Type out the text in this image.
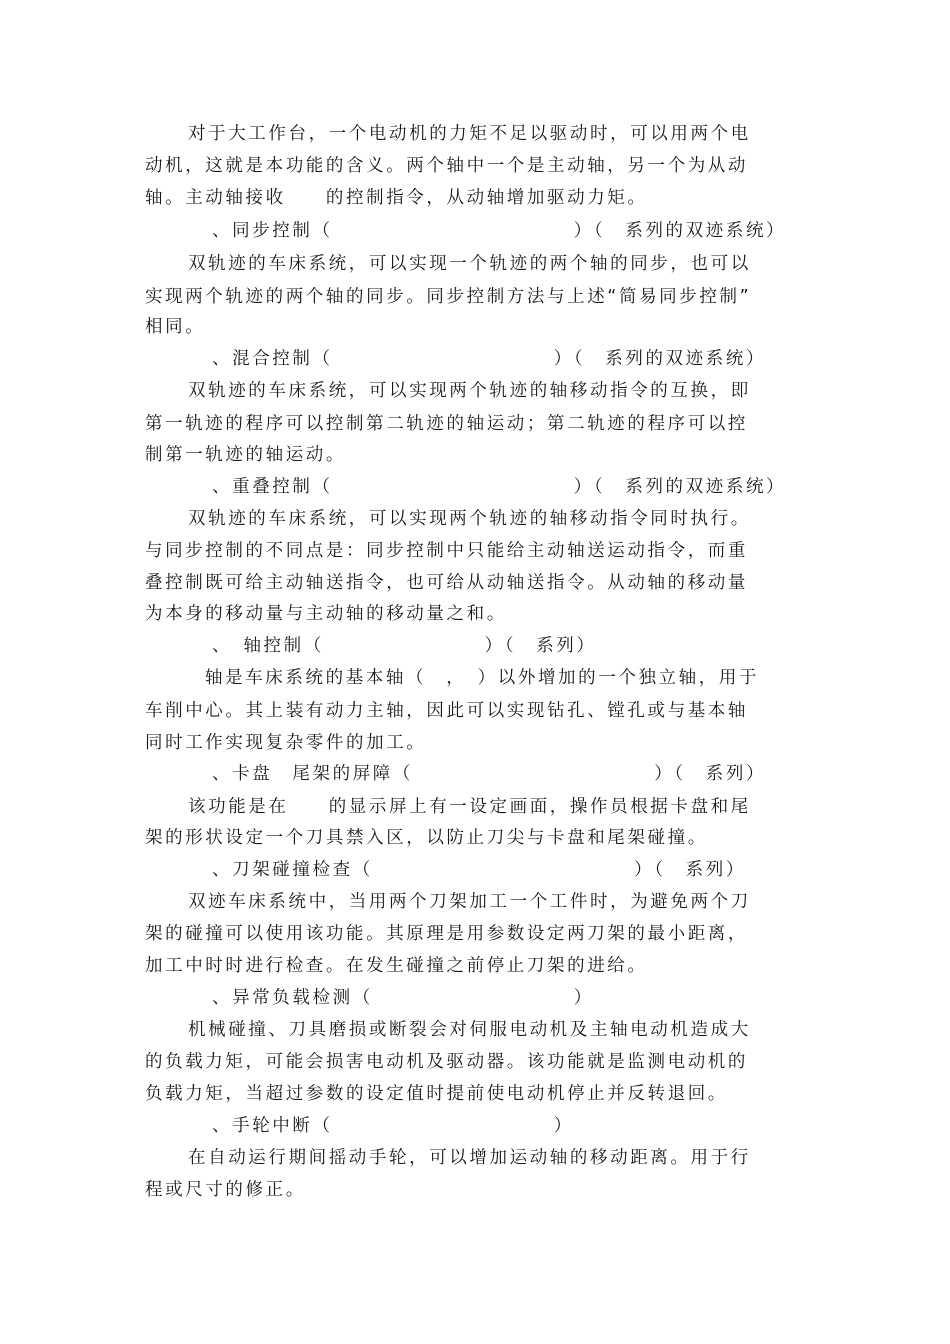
对于大工作台，一个电动机的力矩不足以驱动时，可以用两个电
动机，这就是本功能的含义。两个轴中一个是主动轴，另一个为从动
轴。主动轴接收　　的控制指令，从动轴增加驱动力矩。
、同步控制（　　　　　　　　　　　　）（　系列的双迹系统）
双轨迹的车床系统，可以实现一个轨迹的两个轴的同步，也可以
实现两个轨迹的两个轴的同步。同步控制方法与上述“简易同步控制”
相同。
、混合控制（　　　　　　　　　　　）（　系列的双迹系统）
双轨迹的车床系统，可以实现两个轨迹的轴移动指令的互换，即
第一轨迹的程序可以控制第二轨迹的轴运动；第二轨迹的程序可以控
制第一轨迹的轴运动。
、重叠控制（　　　　　　　　　　　　）（　系列的双迹系统）
双轨迹的车床系统，可以实现两个轨迹的轴移动指令同时执行。
与同步控制的不同点是：同步控制中只能给主动轴送运动指令，而重
叠控制既可给主动轴送指令，也可给从动轴送指令。从动轴的移动量
为本身的移动量与主动轴的移动量之和。
、　轴控制（　　　　　　　　）（　系列）
轴是车床系统的基本轴（　，　）以外增加的一个独立轴，用于
车削中心。其上装有动力主轴，因此可以实现钻孔、镗孔或与基本轴
同时工作实现复杂零件的加工。
、卡盘　尾架的屏障（　　　　　　　　　　　　）（　系列）
该功能是在　　的显示屏上有一设定画面，操作员根据卡盘和尾
架的形状设定一个刀具禁入区，以防止刀尖与卡盘和尾架碰撞。
、刀架碰撞检查（　　　　　　　　　　　　　）（　系列）
双迹车床系统中，当用两个刀架加工一个工件时，为避免两个刀
架的碰撞可以使用该功能。其原理是用参数设定两刀架的最小距离，
加工中时时进行检查。在发生碰撞之前停止刀架的进给。
、异常负载检测（　　　　　　　　　　）
机械碰撞、刀具磨损或断裂会对伺服电动机及主轴电动机造成大
的负载力矩，可能会损害电动机及驱动器。该功能就是监测电动机的
负载力矩，当超过参数的设定值时提前使电动机停止并反转退回。
、手轮中断（　　　　　　　　　　　）
在自动运行期间摇动手轮，可以增加运动轴的移动距离。用于行
程或尺寸的修正。
